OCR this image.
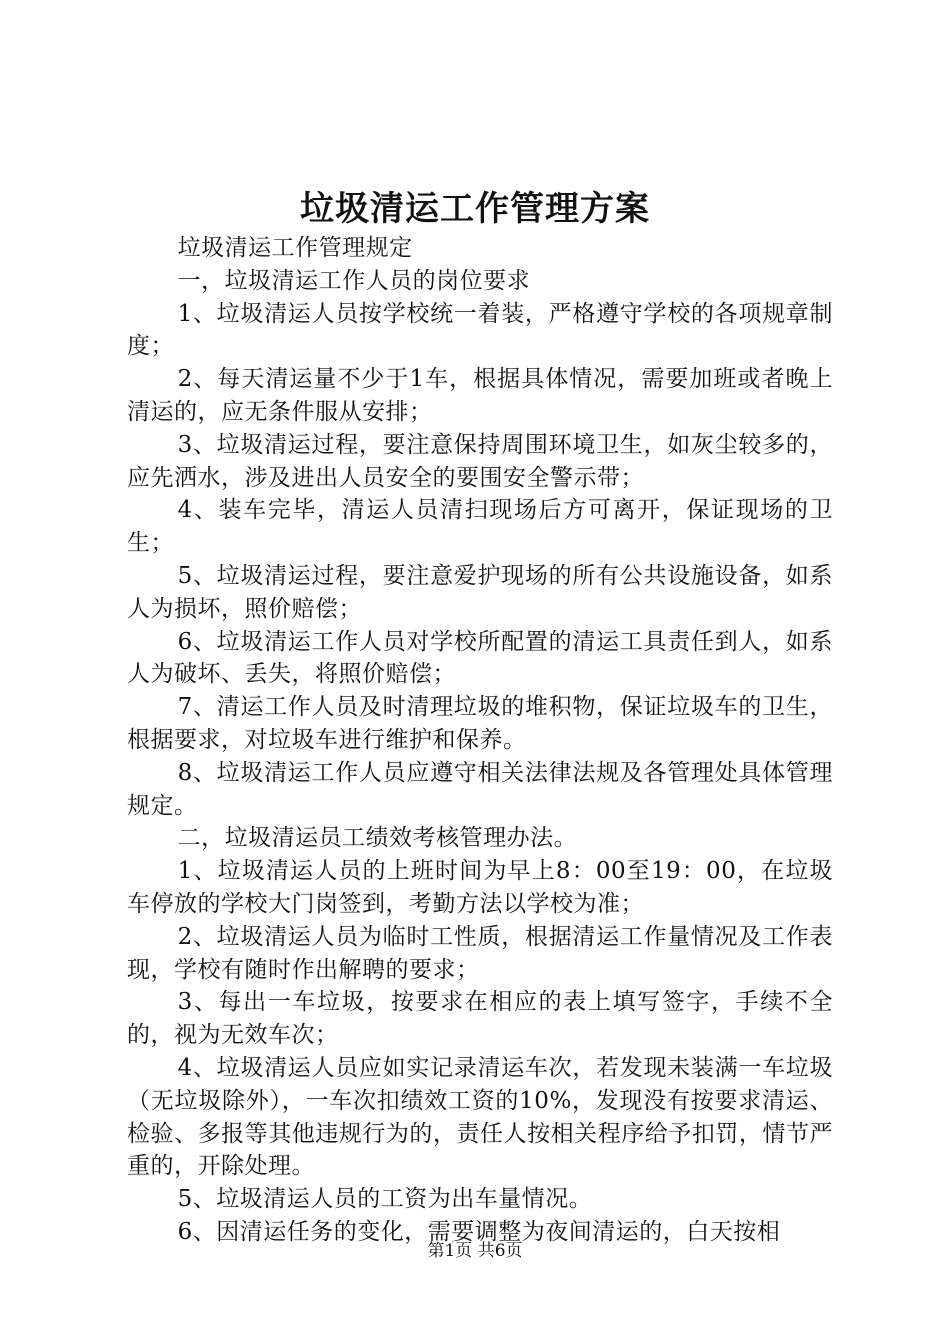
垃圾清运工作管理方案

垃圾清运工作管理规定

一，垃圾清运工作人员的岗位要求

1、垃圾清运人员按学校统一着装，严格遵守学校的各项规章制度；

2、每天清运量不少于1车，根据具体情况，需要加班或者晚上清运的，应无条件服从安排；

3、垃圾清运过程，要注意保持周围环境卫生，如灰尘较多的，应先洒水，涉及进出人员安全的要围安全警示带；

4、装车完毕，清运人员清扫现场后方可离开，保证现场的卫生；

5、垃圾清运过程，要注意爱护现场的所有公共设施设备，如系人为损坏，照价赔偿；

6、垃圾清运工作人员对学校所配置的清运工具责任到人，如系人为破坏、丢失，将照价赔偿；

7、清运工作人员及时清理垃圾的堆积物，保证垃圾车的卫生，根据要求，对垃圾车进行维护和保养。

8、垃圾清运工作人员应遵守相关法律法规及各管理处具体管理规定。

二，垃圾清运员工绩效考核管理办法。

1、垃圾清运人员的上班时间为早上8：00至19：00，在垃圾车停放的学校大门岗签到，考勤方法以学校为准；

2、垃圾清运人员为临时工性质，根据清运工作量情况及工作表现，学校有随时作出解聘的要求；

3、每出一车垃圾，按要求在相应的表上填写签字，手续不全的，视为无效车次；

4、垃圾清运人员应如实记录清运车次，若发现未装满一车垃圾（无垃圾除外），一车次扣绩效工资的10%，发现没有按要求清运、检验、多报等其他违规行为的，责任人按相关程序给予扣罚，情节严重的，开除处理。

5、垃圾清运人员的工资为出车量情况。

6、因清运任务的变化，需要调整为夜间清运的，白天按相

第1页 共6页
